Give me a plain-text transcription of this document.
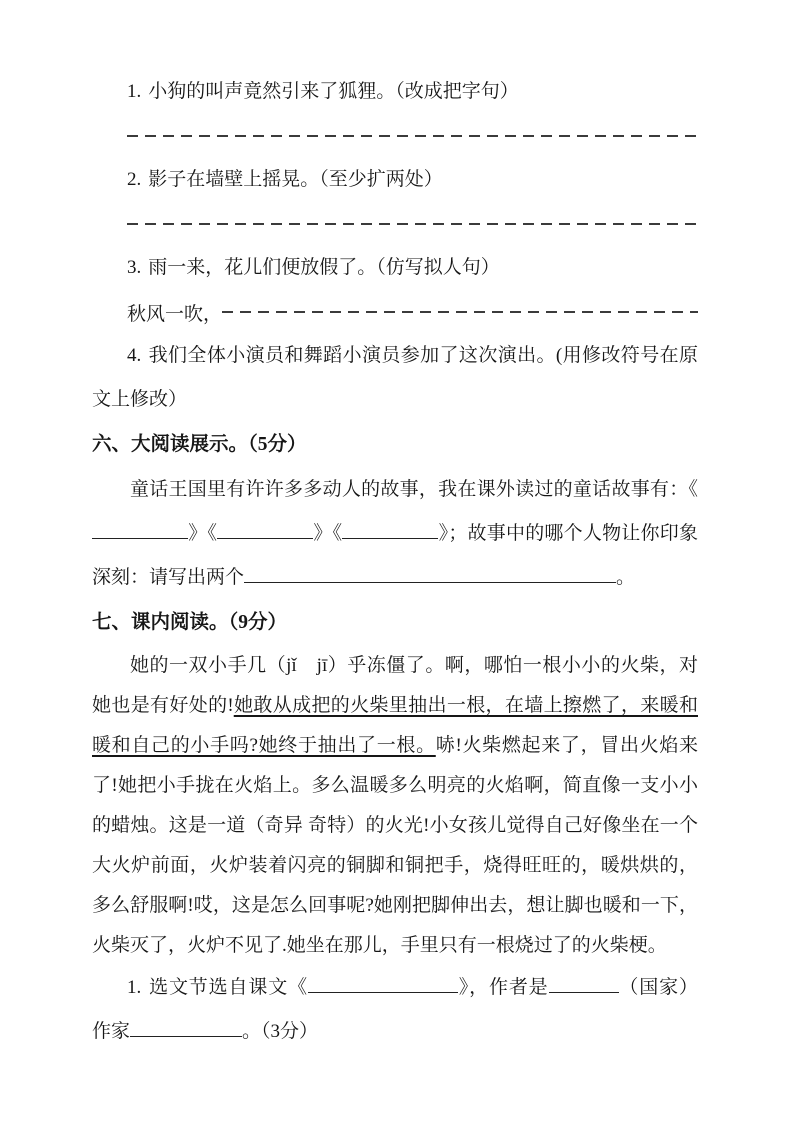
1. 小狗的叫声竟然引来了狐狸。（改成把字句）

2. 影子在墙壁上摇晃。（至少扩两处）

3. 雨一来，花儿们便放假了。（仿写拟人句）

秋风一吹，

4. 我们全体小演员和舞蹈小演员参加了这次演出。(用修改符号在原文上修改）

六、大阅读展示。（5分）

童话王国里有许许多多动人的故事，我在课外读过的童话故事有：《》《	》《	》；故事中的哪个人物让你印象深刻：请写出两个	。

七、课内阅读。（9分）

她的一双小手几（jǐ　jī）乎冻僵了。啊，哪怕一根小小的火柴，对她也是有好处的!她敢从成把的火柴里抽出一根，在墙上擦燃了，来暖和暖和自己的小手吗?她终于抽出了一根。哧!火柴燃起来了，冒出火焰来了!她把小手拢在火焰上。多么温暖多么明亮的火焰啊，简直像一支小小的蜡烛。这是一道（奇异 奇特）的火光!小女孩儿觉得自己好像坐在一个大火炉前面，火炉装着闪亮的铜脚和铜把手，烧得旺旺的，暖烘烘的，多么舒服啊!哎，这是怎么回事呢?她刚把脚伸出去，想让脚也暖和一下，火柴灭了，火炉不见了.她坐在那儿，手里只有一根烧过了的火柴梗。

1. 选文节选自课文《	》，作者是	（国家）作家	。（3分）
